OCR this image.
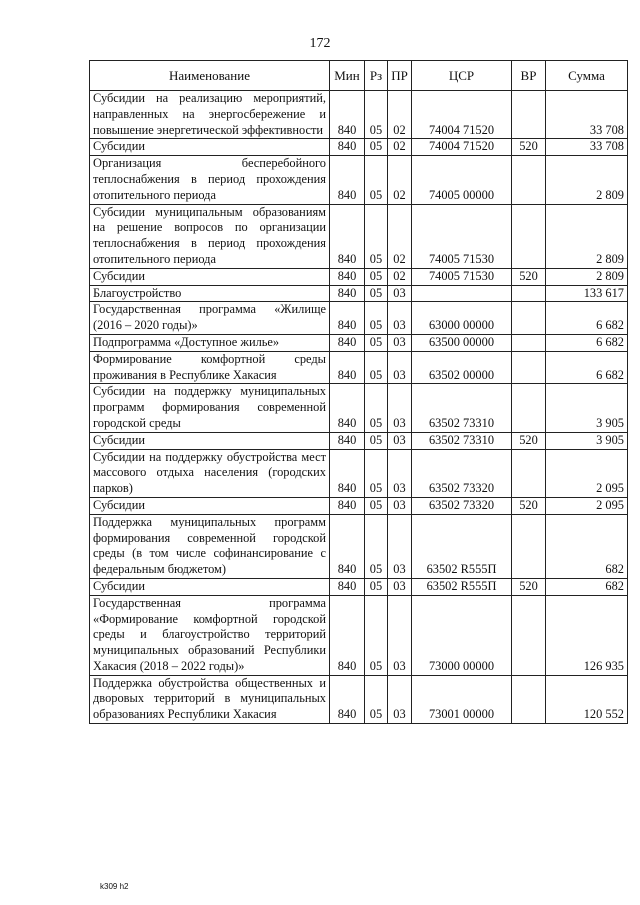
172
Наименование	Мин	Рз	ПР	ЦСР	ВР	Сумма
Субсидии на реализацию мероприятий, направленных на энергосбережение и повышение энергетической эффективности	840	05	02	74004 71520		33 708
Субсидии	840	05	02	74004 71520	520	33 708
Организация бесперебойного теплоснабжения в период прохождения отопительного периода	840	05	02	74005 00000		2 809
Субсидии муниципальным образованиям на решение вопросов по организации теплоснабжения в период прохождения отопительного периода	840	05	02	74005 71530		2 809
Субсидии	840	05	02	74005 71530	520	2 809
Благоустройство	840	05	03			133 617
Государственная программа «Жилище (2016 – 2020 годы)»	840	05	03	63000 00000		6 682
Подпрограмма «Доступное жилье»	840	05	03	63500 00000		6 682
Формирование комфортной среды проживания в Республике Хакасия	840	05	03	63502 00000		6 682
Субсидии на поддержку муниципальных программ формирования современной городской среды	840	05	03	63502 73310		3 905
Субсидии	840	05	03	63502 73310	520	3 905
Субсидии на поддержку обустройства мест массового отдыха населения (городских парков)	840	05	03	63502 73320		2 095
Субсидии	840	05	03	63502 73320	520	2 095
Поддержка муниципальных программ формирования современной городской среды (в том числе софинансирование с федеральным бюджетом)	840	05	03	63502 R555П		682
Субсидии	840	05	03	63502 R555П	520	682
Государственная программа «Формирование комфортной городской среды и благоустройство территорий муниципальных образований Республики Хакасия (2018 – 2022 годы)»	840	05	03	73000 00000		126 935
Поддержка обустройства общественных и дворовых территорий в муниципальных образованиях Республики Хакасия	840	05	03	73001 00000		120 552
k309 h2
